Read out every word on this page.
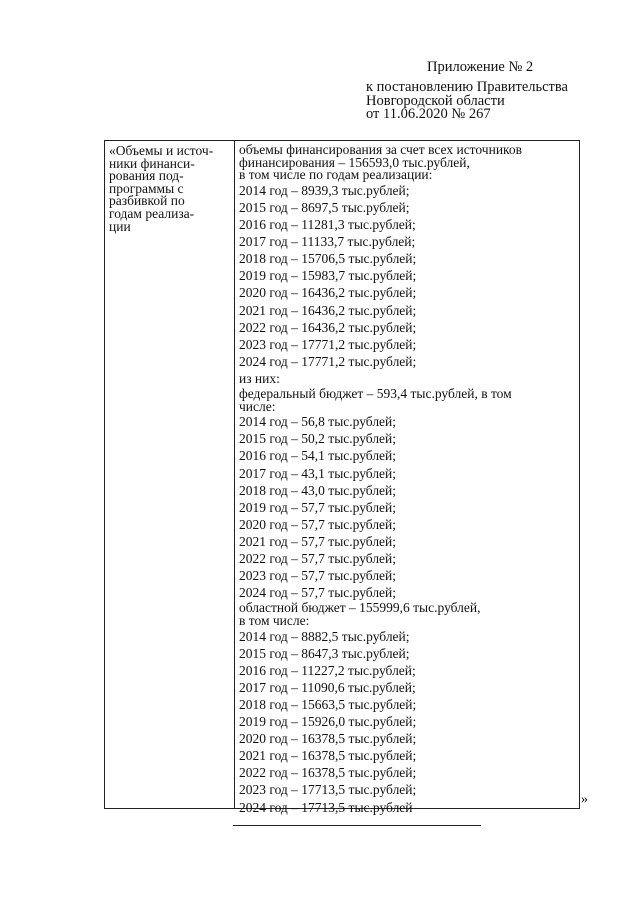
Приложение № 2
к постановлению Правительства
Новгородской области
от 11.06.2020 № 267
«Объемы и источ-
ники финанси-
рования под-
программы с
разбивкой по
годам реализа-
ции
объемы финансирования за счет всех источников
финансирования – 156593,0 тыс.рублей,
в том числе по годам реализации:
2014 год – 8939,3 тыс.рублей;
2015 год – 8697,5 тыс.рублей;
2016 год – 11281,3 тыс.рублей;
2017 год – 11133,7 тыс.рублей;
2018 год – 15706,5 тыс.рублей;
2019 год – 15983,7 тыс.рублей;
2020 год – 16436,2 тыс.рублей;
2021 год – 16436,2 тыс.рублей;
2022 год – 16436,2 тыс.рублей;
2023 год – 17771,2 тыс.рублей;
2024 год – 17771,2 тыс.рублей;
из них:
федеральный бюджет – 593,4 тыс.рублей, в том
числе:
2014 год – 56,8 тыс.рублей;
2015 год – 50,2 тыс.рублей;
2016 год – 54,1 тыс.рублей;
2017 год – 43,1 тыс.рублей;
2018 год – 43,0 тыс.рублей;
2019 год – 57,7 тыс.рублей;
2020 год – 57,7 тыс.рублей;
2021 год – 57,7 тыс.рублей;
2022 год – 57,7 тыс.рублей;
2023 год – 57,7 тыс.рублей;
2024 год – 57,7 тыс.рублей;
областной бюджет – 155999,6 тыс.рублей,
в том числе:
2014 год – 8882,5 тыс.рублей;
2015 год – 8647,3 тыс.рублей;
2016 год – 11227,2 тыс.рублей;
2017 год – 11090,6 тыс.рублей;
2018 год – 15663,5 тыс.рублей;
2019 год – 15926,0 тыс.рублей;
2020 год – 16378,5 тыс.рублей;
2021 год – 16378,5 тыс.рублей;
2022 год – 16378,5 тыс.рублей;
2023 год – 17713,5 тыс.рублей;
2024 год – 17713,5 тыс.рублей
»
